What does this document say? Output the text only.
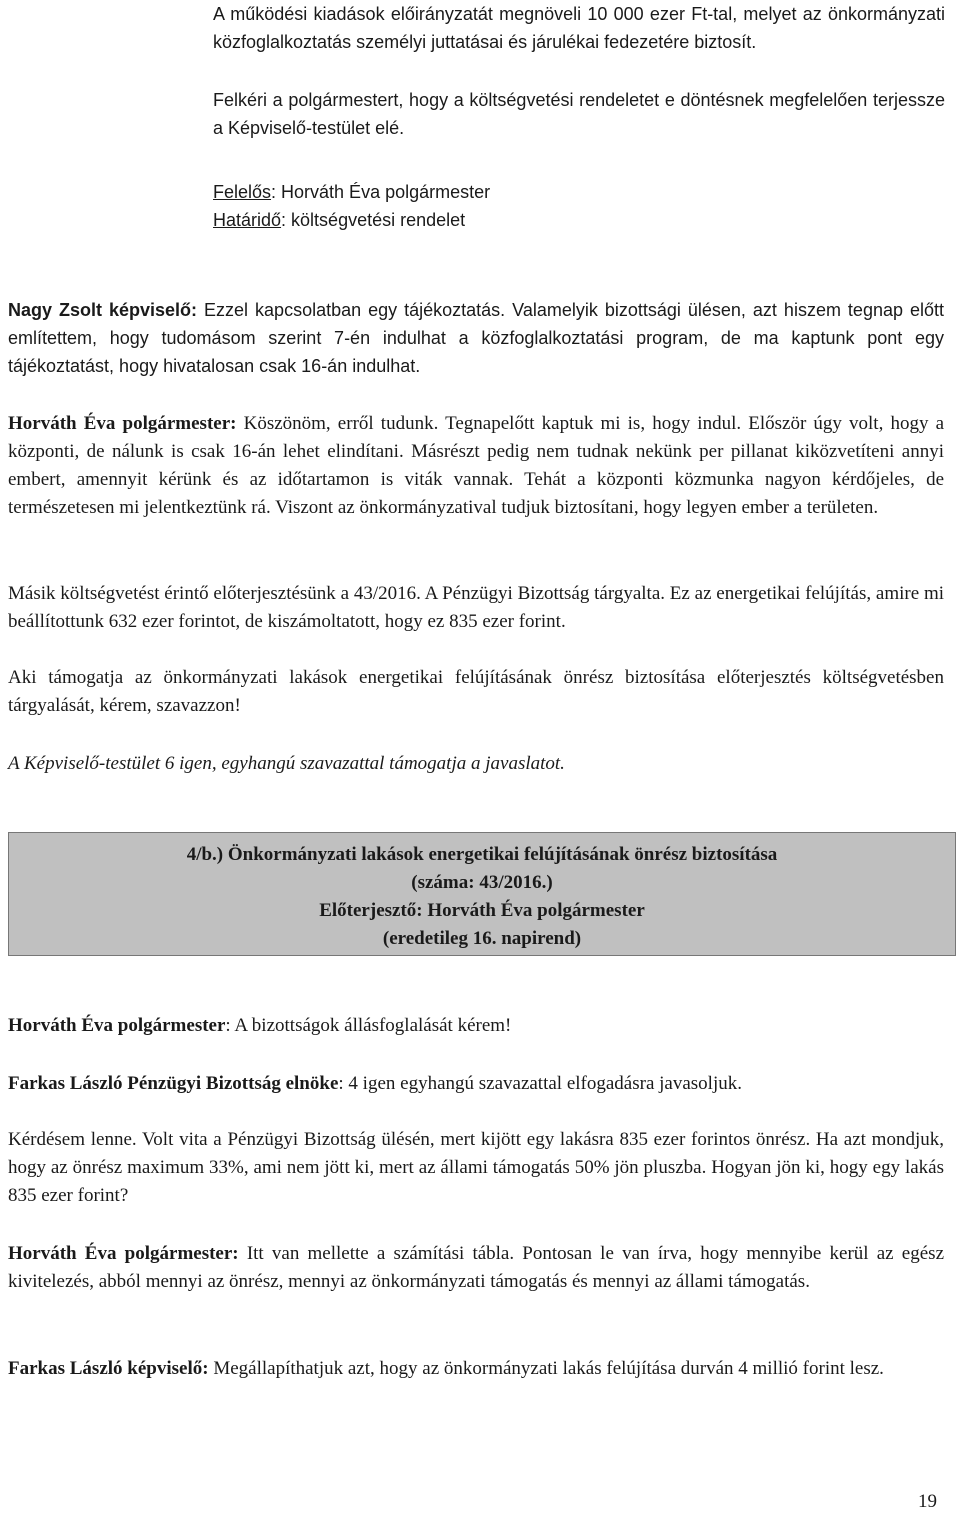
A működési kiadások előirányzatát megnöveli 10 000 ezer Ft-tal, melyet az önkormányzati közfoglalkoztatás személyi juttatásai és járulékai fedezetére biztosít.

Felkéri a polgármestert, hogy a költségvetési rendeletet e döntésnek megfelelően terjessze a Képviselő-testület elé.

Felelős: Horváth Éva polgármester
Határidő: költségvetési rendelet

Nagy Zsolt képviselő: Ezzel kapcsolatban egy tájékoztatás. Valamelyik bizottsági ülésen, azt hiszem tegnap előtt említettem, hogy tudomásom szerint 7-én indulhat a közfoglalkoztatási program, de ma kaptunk pont egy tájékoztatást, hogy hivatalosan csak 16-án indulhat.

Horváth Éva polgármester: Köszönöm, erről tudunk. Tegnapelőtt kaptuk mi is, hogy indul. Először úgy volt, hogy a központi, de nálunk is csak 16-án lehet elindítani. Másrészt pedig nem tudnak nekünk per pillanat kiközvetíteni annyi embert, amennyit kérünk és az időtartamon is viták vannak. Tehát a központi közmunka nagyon kérdőjeles, de természetesen mi jelentkeztünk rá. Viszont az önkormányzatival tudjuk biztosítani, hogy legyen ember a területen.

Másik költségvetést érintő előterjesztésünk a 43/2016. A Pénzügyi Bizottság tárgyalta. Ez az energetikai felújítás, amire mi beállítottunk 632 ezer forintot, de kiszámoltatott, hogy ez 835 ezer forint.

Aki támogatja az önkormányzati lakások energetikai felújításának önrész biztosítása előterjesztés költségvetésben tárgyalását, kérem, szavazzon!

A Képviselő-testület 6 igen, egyhangú szavazattal támogatja a javaslatot.

4/b.) Önkormányzati lakások energetikai felújításának önrész biztosítása
(száma: 43/2016.)
Előterjesztő: Horváth Éva polgármester
(eredetileg 16. napirend)

Horváth Éva polgármester: A bizottságok állásfoglalását kérem!

Farkas László Pénzügyi Bizottság elnöke: 4 igen egyhangú szavazattal elfogadásra javasoljuk.

Kérdésem lenne. Volt vita a Pénzügyi Bizottság ülésén, mert kijött egy lakásra 835 ezer forintos önrész. Ha azt mondjuk, hogy az önrész maximum 33%, ami nem jött ki, mert az állami támogatás 50% jön pluszba. Hogyan jön ki, hogy egy lakás 835 ezer forint?

Horváth Éva polgármester: Itt van mellette a számítási tábla. Pontosan le van írva, hogy mennyibe kerül az egész kivitelezés, abból mennyi az önrész, mennyi az önkormányzati támogatás és mennyi az állami támogatás.

Farkas László képviselő: Megállapíthatjuk azt, hogy az önkormányzati lakás felújítása durván 4 millió forint lesz.

19
